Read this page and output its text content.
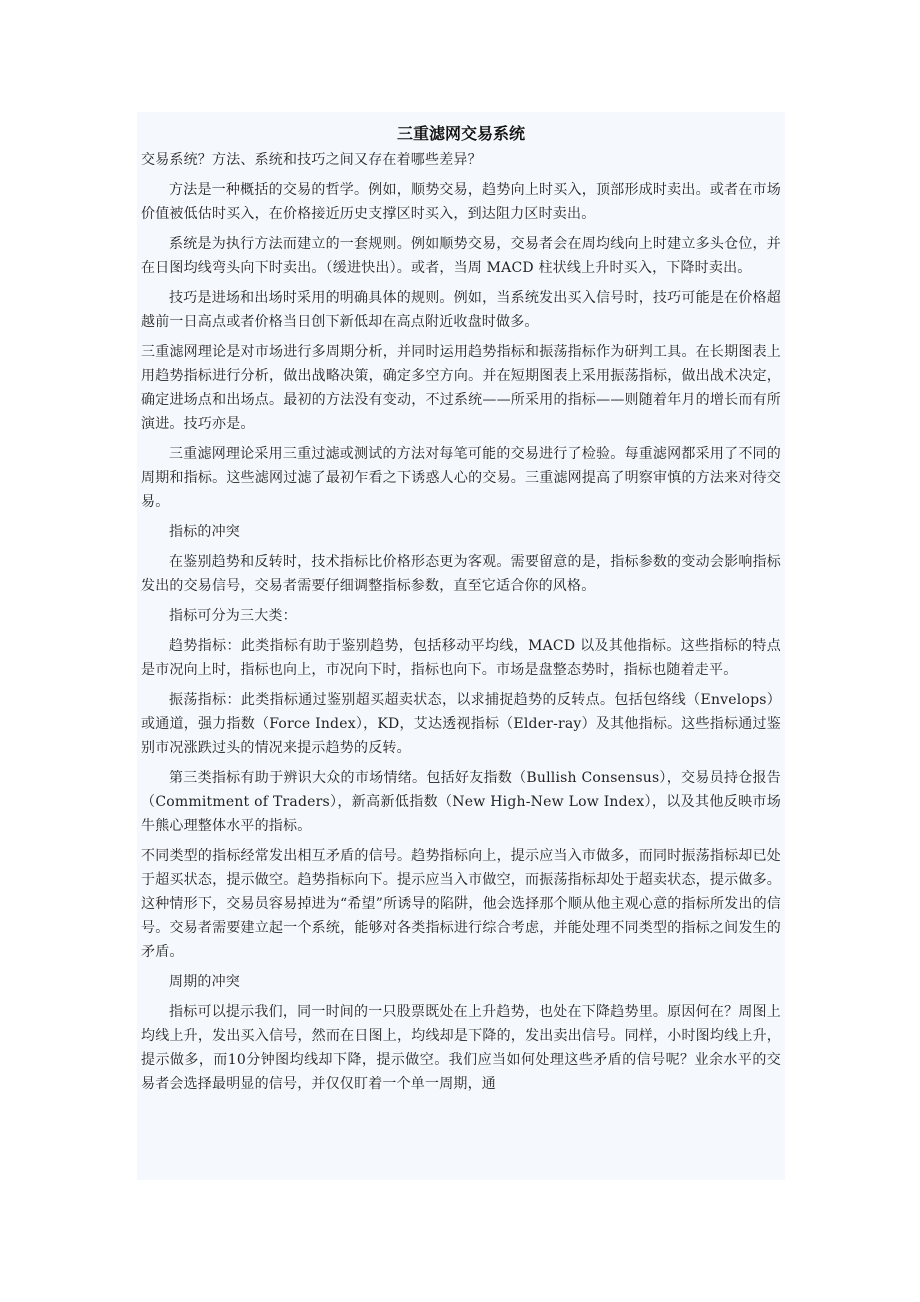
三重滤网交易系统
交易系统？方法、系统和技巧之间又存在着哪些差异？
方法是一种概括的交易的哲学。例如，顺势交易，趋势向上时买入，顶部形成时卖出。或者在市场价值被低估时买入，在价格接近历史支撑区时买入，到达阻力区时卖出。
系统是为执行方法而建立的一套规则。例如顺势交易，交易者会在周均线向上时建立多头仓位，并在日图均线弯头向下时卖出。（缓进快出）。或者，当周 MACD 柱状线上升时买入，下降时卖出。
技巧是进场和出场时采用的明确具体的规则。例如，当系统发出买入信号时，技巧可能是在价格超越前一日高点或者价格当日创下新低却在高点附近收盘时做多。
三重滤网理论是对市场进行多周期分析，并同时运用趋势指标和振荡指标作为研判工具。在长期图表上用趋势指标进行分析，做出战略决策，确定多空方向。并在短期图表上采用振荡指标，做出战术决定，确定进场点和出场点。最初的方法没有变动，不过系统——所采用的指标——则随着年月的增长而有所演进。技巧亦是。
三重滤网理论采用三重过滤或测试的方法对每笔可能的交易进行了检验。每重滤网都采用了不同的周期和指标。这些滤网过滤了最初乍看之下诱惑人心的交易。三重滤网提高了明察审慎的方法来对待交易。
指标的冲突
在鉴别趋势和反转时，技术指标比价格形态更为客观。需要留意的是，指标参数的变动会影响指标发出的交易信号，交易者需要仔细调整指标参数，直至它适合你的风格。
指标可分为三大类：
趋势指标：此类指标有助于鉴别趋势，包括移动平均线，MACD 以及其他指标。这些指标的特点是市况向上时，指标也向上，市况向下时，指标也向下。市场是盘整态势时，指标也随着走平。
振荡指标：此类指标通过鉴别超买超卖状态，以求捕捉趋势的反转点。包括包络线（Envelops）或通道，强力指数（Force Index），KD，艾达透视指标（Elder-ray）及其他指标。这些指标通过鉴别市况涨跌过头的情况来提示趋势的反转。
第三类指标有助于辨识大众的市场情绪。包括好友指数（Bullish Consensus），交易员持仓报告（Commitment of Traders），新高新低指数（New High-New Low Index），以及其他反映市场牛熊心理整体水平的指标。
不同类型的指标经常发出相互矛盾的信号。趋势指标向上，提示应当入市做多，而同时振荡指标却已处于超买状态，提示做空。趋势指标向下。提示应当入市做空，而振荡指标却处于超卖状态，提示做多。这种情形下，交易员容易掉进为“希望”所诱导的陷阱，他会选择那个顺从他主观心意的指标所发出的信号。交易者需要建立起一个系统，能够对各类指标进行综合考虑，并能处理不同类型的指标之间发生的矛盾。
周期的冲突
指标可以提示我们，同一时间的一只股票既处在上升趋势，也处在下降趋势里。原因何在？周图上均线上升，发出买入信号，然而在日图上，均线却是下降的，发出卖出信号。同样，小时图均线上升，提示做多，而10分钟图均线却下降，提示做空。我们应当如何处理这些矛盾的信号呢？业余水平的交易者会选择最明显的信号，并仅仅盯着一个单一周期，通
